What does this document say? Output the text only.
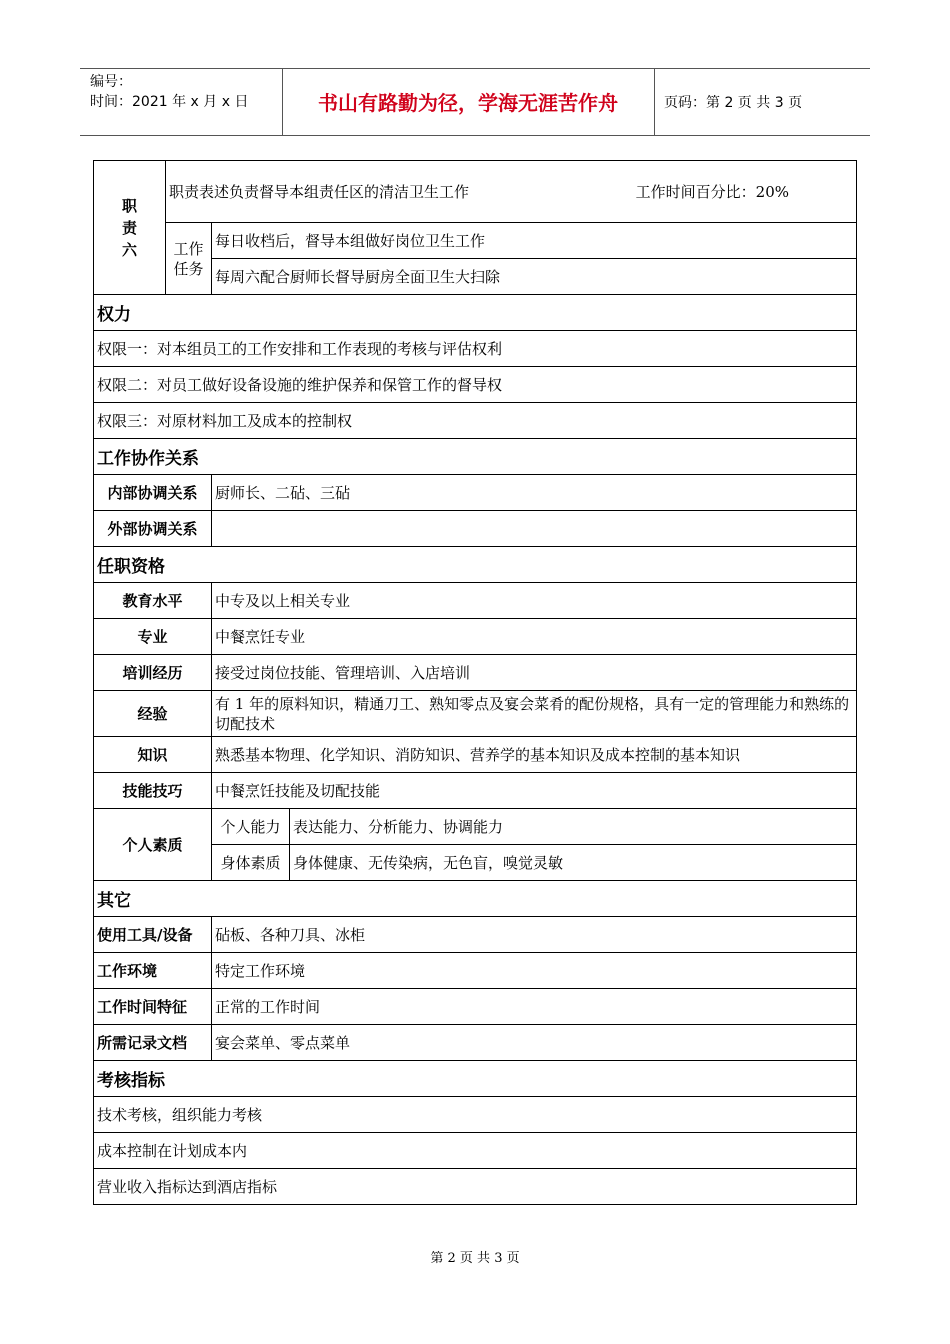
编号：
时间：2021 年 x 月 x 日	书山有路勤为径，学海无涯苦作舟	页码：第 2 页 共 3 页
职责六	职责表述负责督导本组责任区的清洁卫生工作 工作时间百分比：20%		

	工作任务	每日收档后，督导本组做好岗位卫生工作	
		每周六配合厨师长督导厨房全面卫生大扫除	
权力			
权限一：对本组员工的工作安排和工作表现的考核与评估权利			
权限二：对员工做好设备设施的维护保养和保管工作的督导权			
权限三：对原材料加工及成本的控制权			
工作协作关系			
内部协调关系		厨师长、二砧、三砧	
外部协调关系			
任职资格			
教育水平		中专及以上相关专业	
专业		中餐烹饪专业	
培训经历		接受过岗位技能、管理培训、入店培训	
经验		有 1 年的原料知识，精通刀工、熟知零点及宴会菜肴的配份规格，具有一定的管理能力和熟练的切配技术	
知识		熟悉基本物理、化学知识、消防知识、营养学的基本知识及成本控制的基本知识	
技能技巧		中餐烹饪技能及切配技能	
个人素质		个人能力	表达能力、分析能力、协调能力
		身体素质	身体健康、无传染病，无色盲，嗅觉灵敏
其它			
使用工具/设备		砧板、各种刀具、冰柜	
工作环境		特定工作环境	
工作时间特征		正常的工作时间	
所需记录文档		宴会菜单、零点菜单	
考核指标			
技术考核，组织能力考核			
成本控制在计划成本内			
营业收入指标达到酒店指标			
第 2 页 共 3 页
